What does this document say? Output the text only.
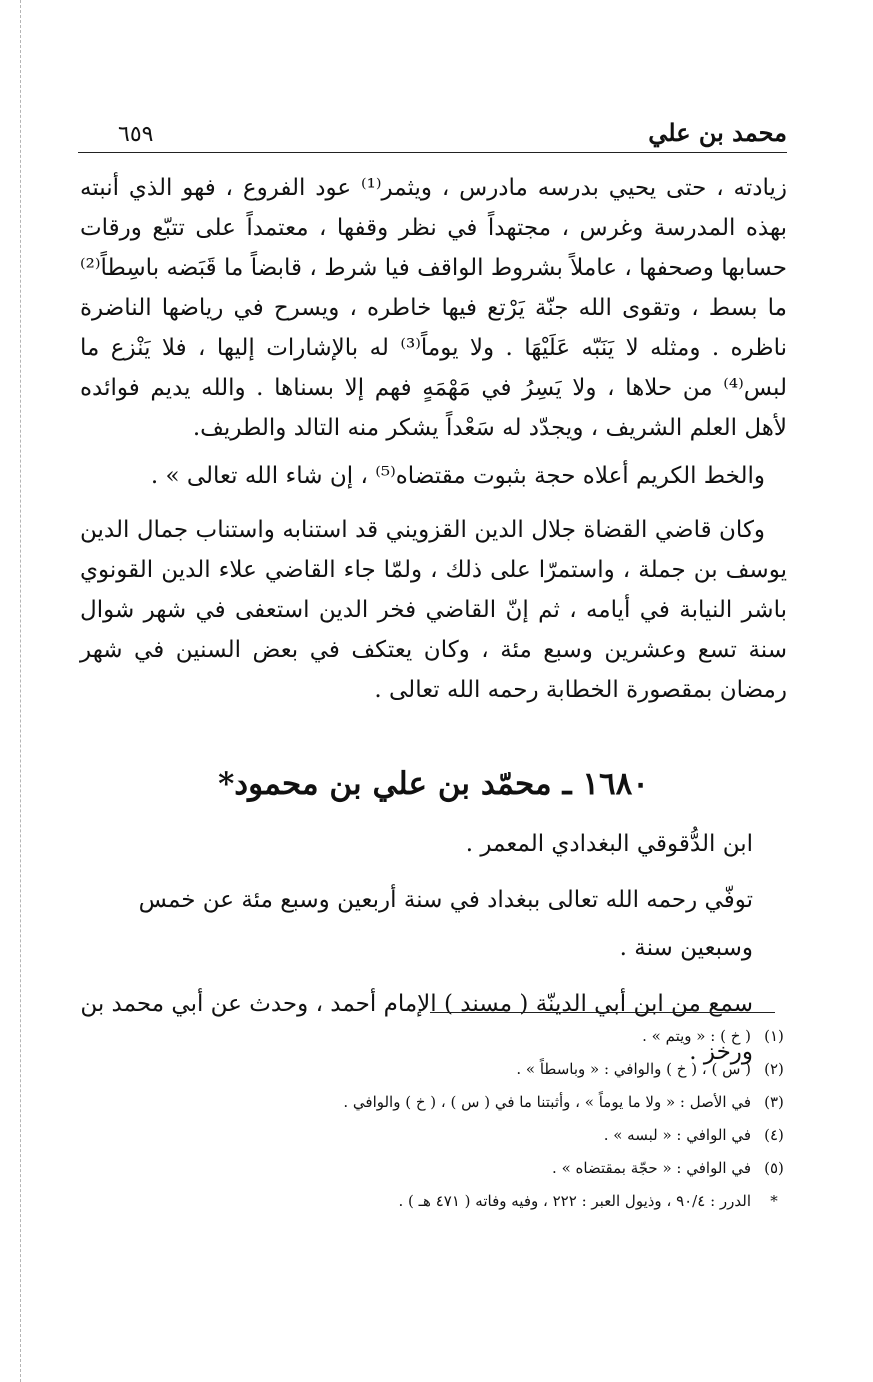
محمد بن علي
٦٥٩

زيادته ، حتى يحيي بدرسه مادرس ، ويثمر⁽¹⁾ عود الفروع ، فهو الذي أنبته بهذه المدرسة وغرس ، مجتهداً في نظر وقفها ، معتمداً على تتبّع ورقات حسابها وصحفها ، عاملاً بشروط الواقف فيا شرط ، قابضاً ما قَبَضه باسِطاً⁽²⁾ ما بسط ، وتقوى الله جنّة يَرْتع فيها خاطره ، ويسرح في رياضها الناضرة ناظره . ومثله لا يَنَبّه عَلَيْهَا . ولا يوماً⁽³⁾ له بالإشارات إليها ، فلا يَنْزع ما لبس⁽⁴⁾ من حلاها ، ولا يَسِرُ في مَهْمَهٍ فهم إلا بسناها . والله يديم فوائده لأهل العلم الشريف ، ويجدّد له سَعْداً يشكر منه التالد والطريف.

والخط الكريم أعلاه حجة بثبوت مقتضاه⁽⁵⁾ ، إن شاء الله تعالى » .

وكان قاضي القضاة جلال الدين القزويني قد استنابه واستناب جمال الدين يوسف بن جملة ، واستمرّا على ذلك ، ولمّا جاء القاضي علاء الدين القونوي باشر النيابة في أيامه ، ثم إنّ القاضي فخر الدين استعفى في شهر شوال سنة تسع وعشرين وسبع مئة ، وكان يعتكف في بعض السنين في شهر رمضان بمقصورة الخطابة رحمه الله تعالى .

١٦٨٠ ـ محمّد بن علي بن محمود*

ابن الدُّقوقي البغدادي المعمر .

توفّي رحمه الله تعالى ببغداد في سنة أربعين وسبع مئة عن خمس وسبعين سنة .

سمع من ابن أبي الدينّة ( مسند ) الإمام أحمد ، وحدث عن أبي محمد بن ورخز .

(١)
( خ ) : « ويتم » .
(٢)
( س ) ، ( خ ) والوافي : « وباسطاً » .
(٣)
في الأصل : « ولا ما يوماً » ، وأثبتنا ما في ( س ) ، ( خ ) والوافي .
(٤)
في الوافي : « لبسه » .
(٥)
في الوافي : « حجّة بمقتضاه » .
*
الدرر : ٩٠/٤ ، وذيول العبر : ٢٢٢ ، وفيه وفاته ( ٤٧١ هـ ) .
